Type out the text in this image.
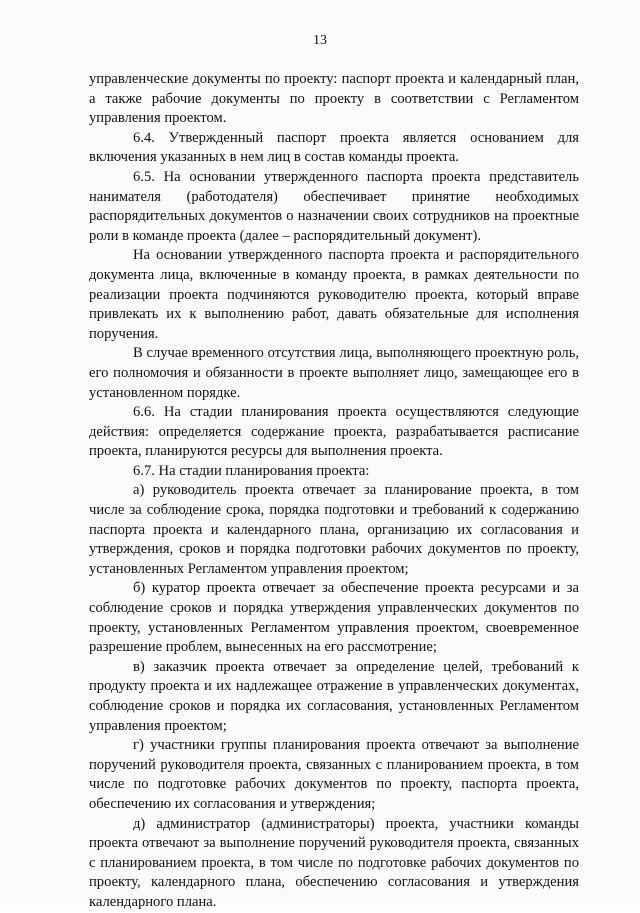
13

управленческие документы по проекту: паспорт проекта и календарный план, а также рабочие документы по проекту в соответствии с Регламентом управления проектом.

6.4. Утвержденный паспорт проекта является основанием для включения указанных в нем лиц в состав команды проекта.

6.5. На основании утвержденного паспорта проекта представитель нанимателя (работодателя) обеспечивает принятие необходимых распорядительных документов о назначении своих сотрудников на проектные роли в команде проекта (далее – распорядительный документ).

На основании утвержденного паспорта проекта и распорядительного документа лица, включенные в команду проекта, в рамках деятельности по реализации проекта подчиняются руководителю проекта, который вправе привлекать их к выполнению работ, давать обязательные для исполнения поручения.

В случае временного отсутствия лица, выполняющего проектную роль, его полномочия и обязанности в проекте выполняет лицо, замещающее его в установленном порядке.

6.6. На стадии планирования проекта осуществляются следующие действия: определяется содержание проекта, разрабатывается расписание проекта, планируются ресурсы для выполнения проекта.

6.7. На стадии планирования проекта:

а) руководитель проекта отвечает за планирование проекта, в том числе за соблюдение срока, порядка подготовки и требований к содержанию паспорта проекта и календарного плана, организацию их согласования и утверждения, сроков и порядка подготовки рабочих документов по проекту, установленных Регламентом управления проектом;

б) куратор проекта отвечает за обеспечение проекта ресурсами и за соблюдение сроков и порядка утверждения управленческих документов по проекту, установленных Регламентом управления проектом, своевременное разрешение проблем, вынесенных на его рассмотрение;

в) заказчик проекта отвечает за определение целей, требований к продукту проекта и их надлежащее отражение в управленческих документах, соблюдение сроков и порядка их согласования, установленных Регламентом управления проектом;

г) участники группы планирования проекта отвечают за выполнение поручений руководителя проекта, связанных с планированием проекта, в том числе по подготовке рабочих документов по проекту, паспорта проекта, обеспечению их согласования и утверждения;

д) администратор (администраторы) проекта, участники команды проекта отвечают за выполнение поручений руководителя проекта, связанных с планированием проекта, в том числе по подготовке рабочих документов по проекту, календарного плана, обеспечению согласования и утверждения календарного плана.
